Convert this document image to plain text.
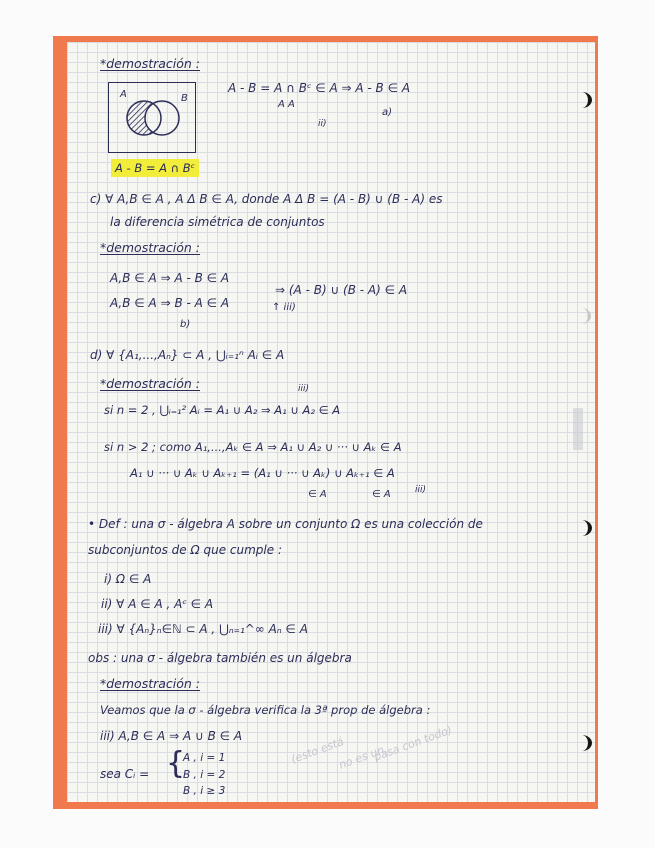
*demostración :
A	B
A - B = A ∩ Bᶜ ∈ A ⇒ A - B ∈ A
A A
ii)
a)
A - B = A ∩ Bᶜ
c) ∀ A,B ∈ A , A Δ B ∈ A, donde A Δ B = (A - B) ∪ (B - A) es
la diferencia simétrica de conjuntos
*demostración :
A,B ∈ A ⇒ A - B ∈ A
A,B ∈ A ⇒ B - A ∈ A
⇒ (A - B) ∪ (B - A) ∈ A
↑ iii)
b)
d) ∀ {A₁,...,Aₙ} ⊂ A , ⋃ᵢ₌₁ⁿ Aᵢ ∈ A
*demostración :	iii)
si n = 2 , ⋃ᵢ₌₁² Aᵢ = A₁ ∪ A₂ ⇒ A₁ ∪ A₂ ∈ A
si n > 2 ; como A₁,...,Aₖ ∈ A ⇒ A₁ ∪ A₂ ∪ ··· ∪ Aₖ ∈ A
A₁ ∪ ··· ∪ Aₖ ∪ Aₖ₊₁ = (A₁ ∪ ··· ∪ Aₖ) ∪ Aₖ₊₁ ∈ A
∈ A	∈ A	iii)
• Def : una σ - álgebra A sobre un conjunto Ω es una colección de
subconjuntos de Ω que cumple :
i) Ω ∈ A
ii) ∀ A ∈ A , Aᶜ ∈ A
iii) ∀ {Aₙ}ₙ∈ℕ ⊂ A , ⋃ₙ₌₁^∞ Aₙ ∈ A
obs : una σ - álgebra también es un álgebra
*demostración :
Veamos que la σ - álgebra verifica la 3ª prop de álgebra :
iii) A,B ∈ A ⇒ A ∪ B ∈ A
sea Cᵢ = {
A , i = 1
B , i = 2
B , i ≥ 3
(esto está
no es un
pasa con todo)
